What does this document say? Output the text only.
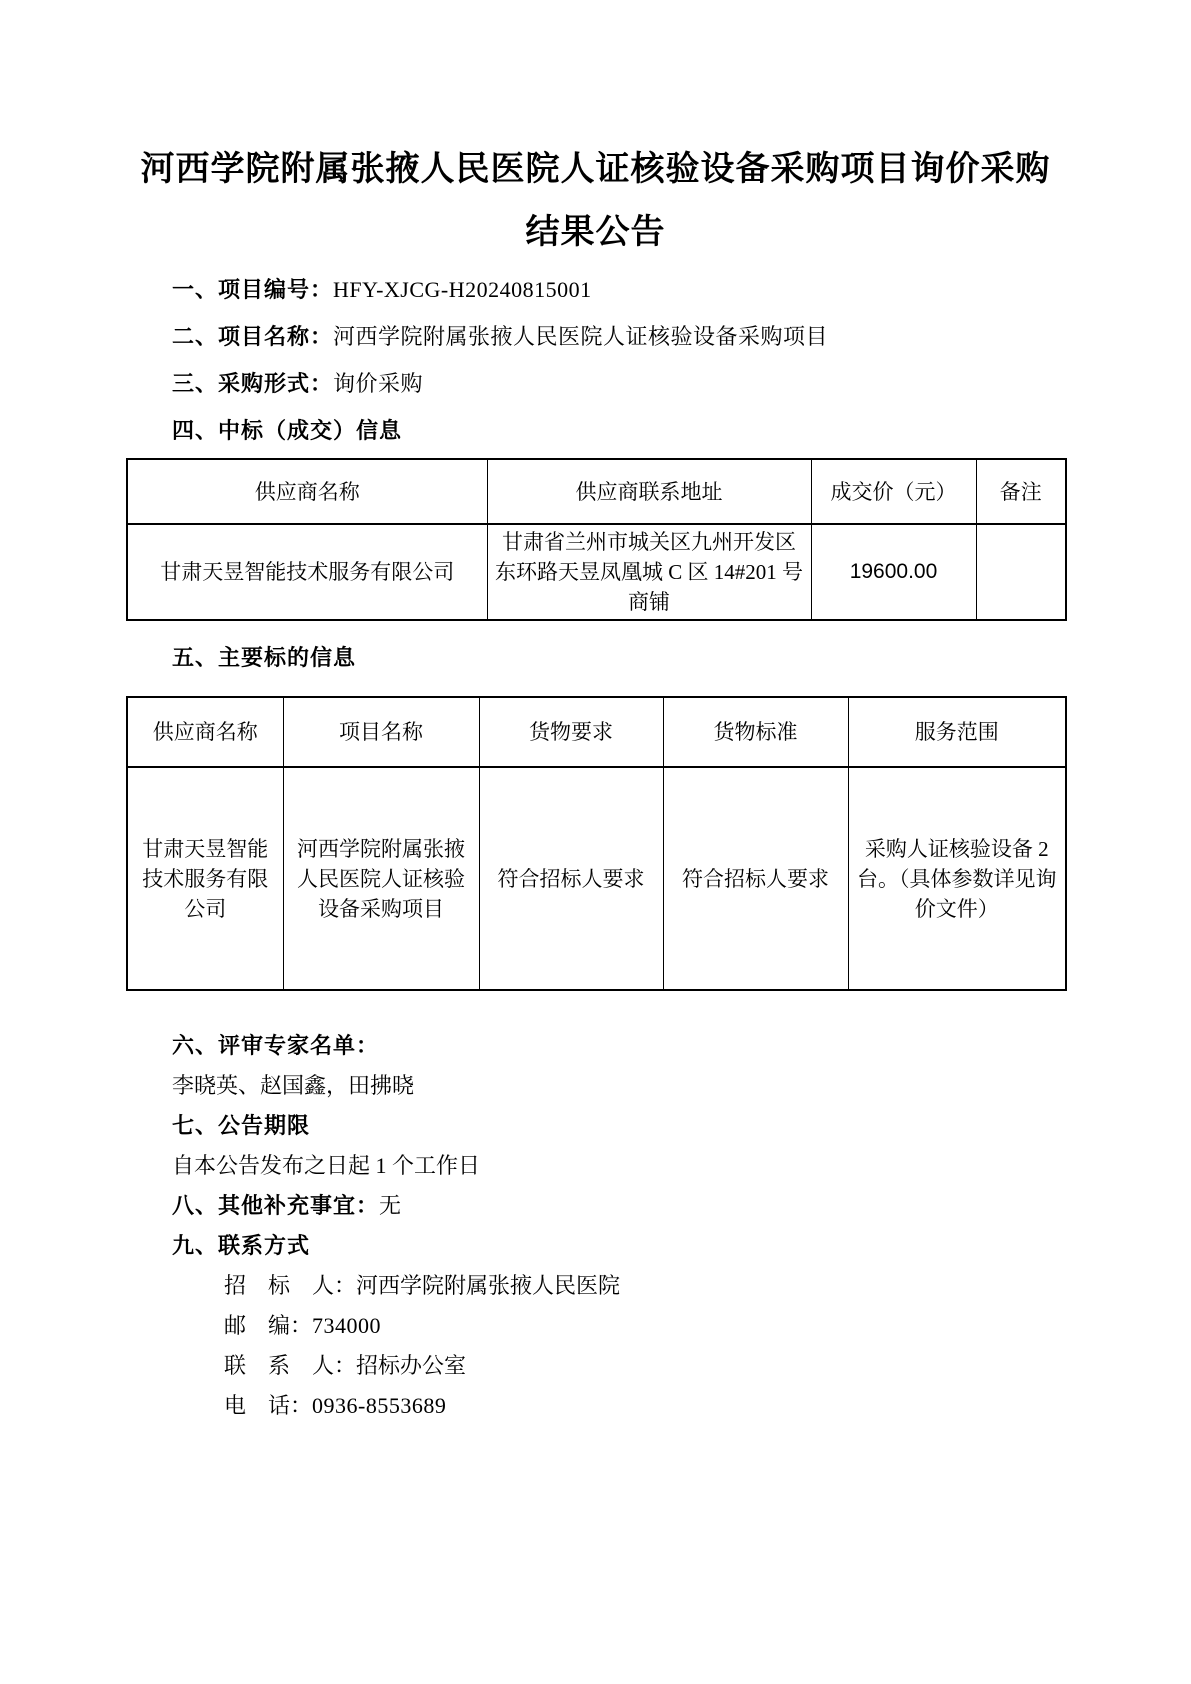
河西学院附属张掖人民医院人证核验设备采购项目询价采购
结果公告

一、项目编号：HFY-XJCG-H20240815001

二、项目名称：河西学院附属张掖人民医院人证核验设备采购项目

三、采购形式：询价采购

四、中标（成交）信息

供应商名称	供应商联系地址	成交价（元）	备注
甘肃天昱智能技术服务有限公司	甘肃省兰州市城关区九州开发区东环路天昱凤凰城 C 区 14#201 号商铺	19600.00	

五、主要标的信息

供应商名称	项目名称	货物要求	货物标准	服务范围
甘肃天昱智能技术服务有限公司	河西学院附属张掖人民医院人证核验设备采购项目	符合招标人要求	符合招标人要求	采购人证核验设备 2 台。（具体参数详见询价文件）

六、评审专家名单：

李晓英、赵国鑫，田拂晓

七、公告期限

自本公告发布之日起 1 个工作日

八、其他补充事宜：无

九、联系方式

招　标　人：河西学院附属张掖人民医院

邮　编：734000

联　系　人：招标办公室

电　话：0936-8553689
